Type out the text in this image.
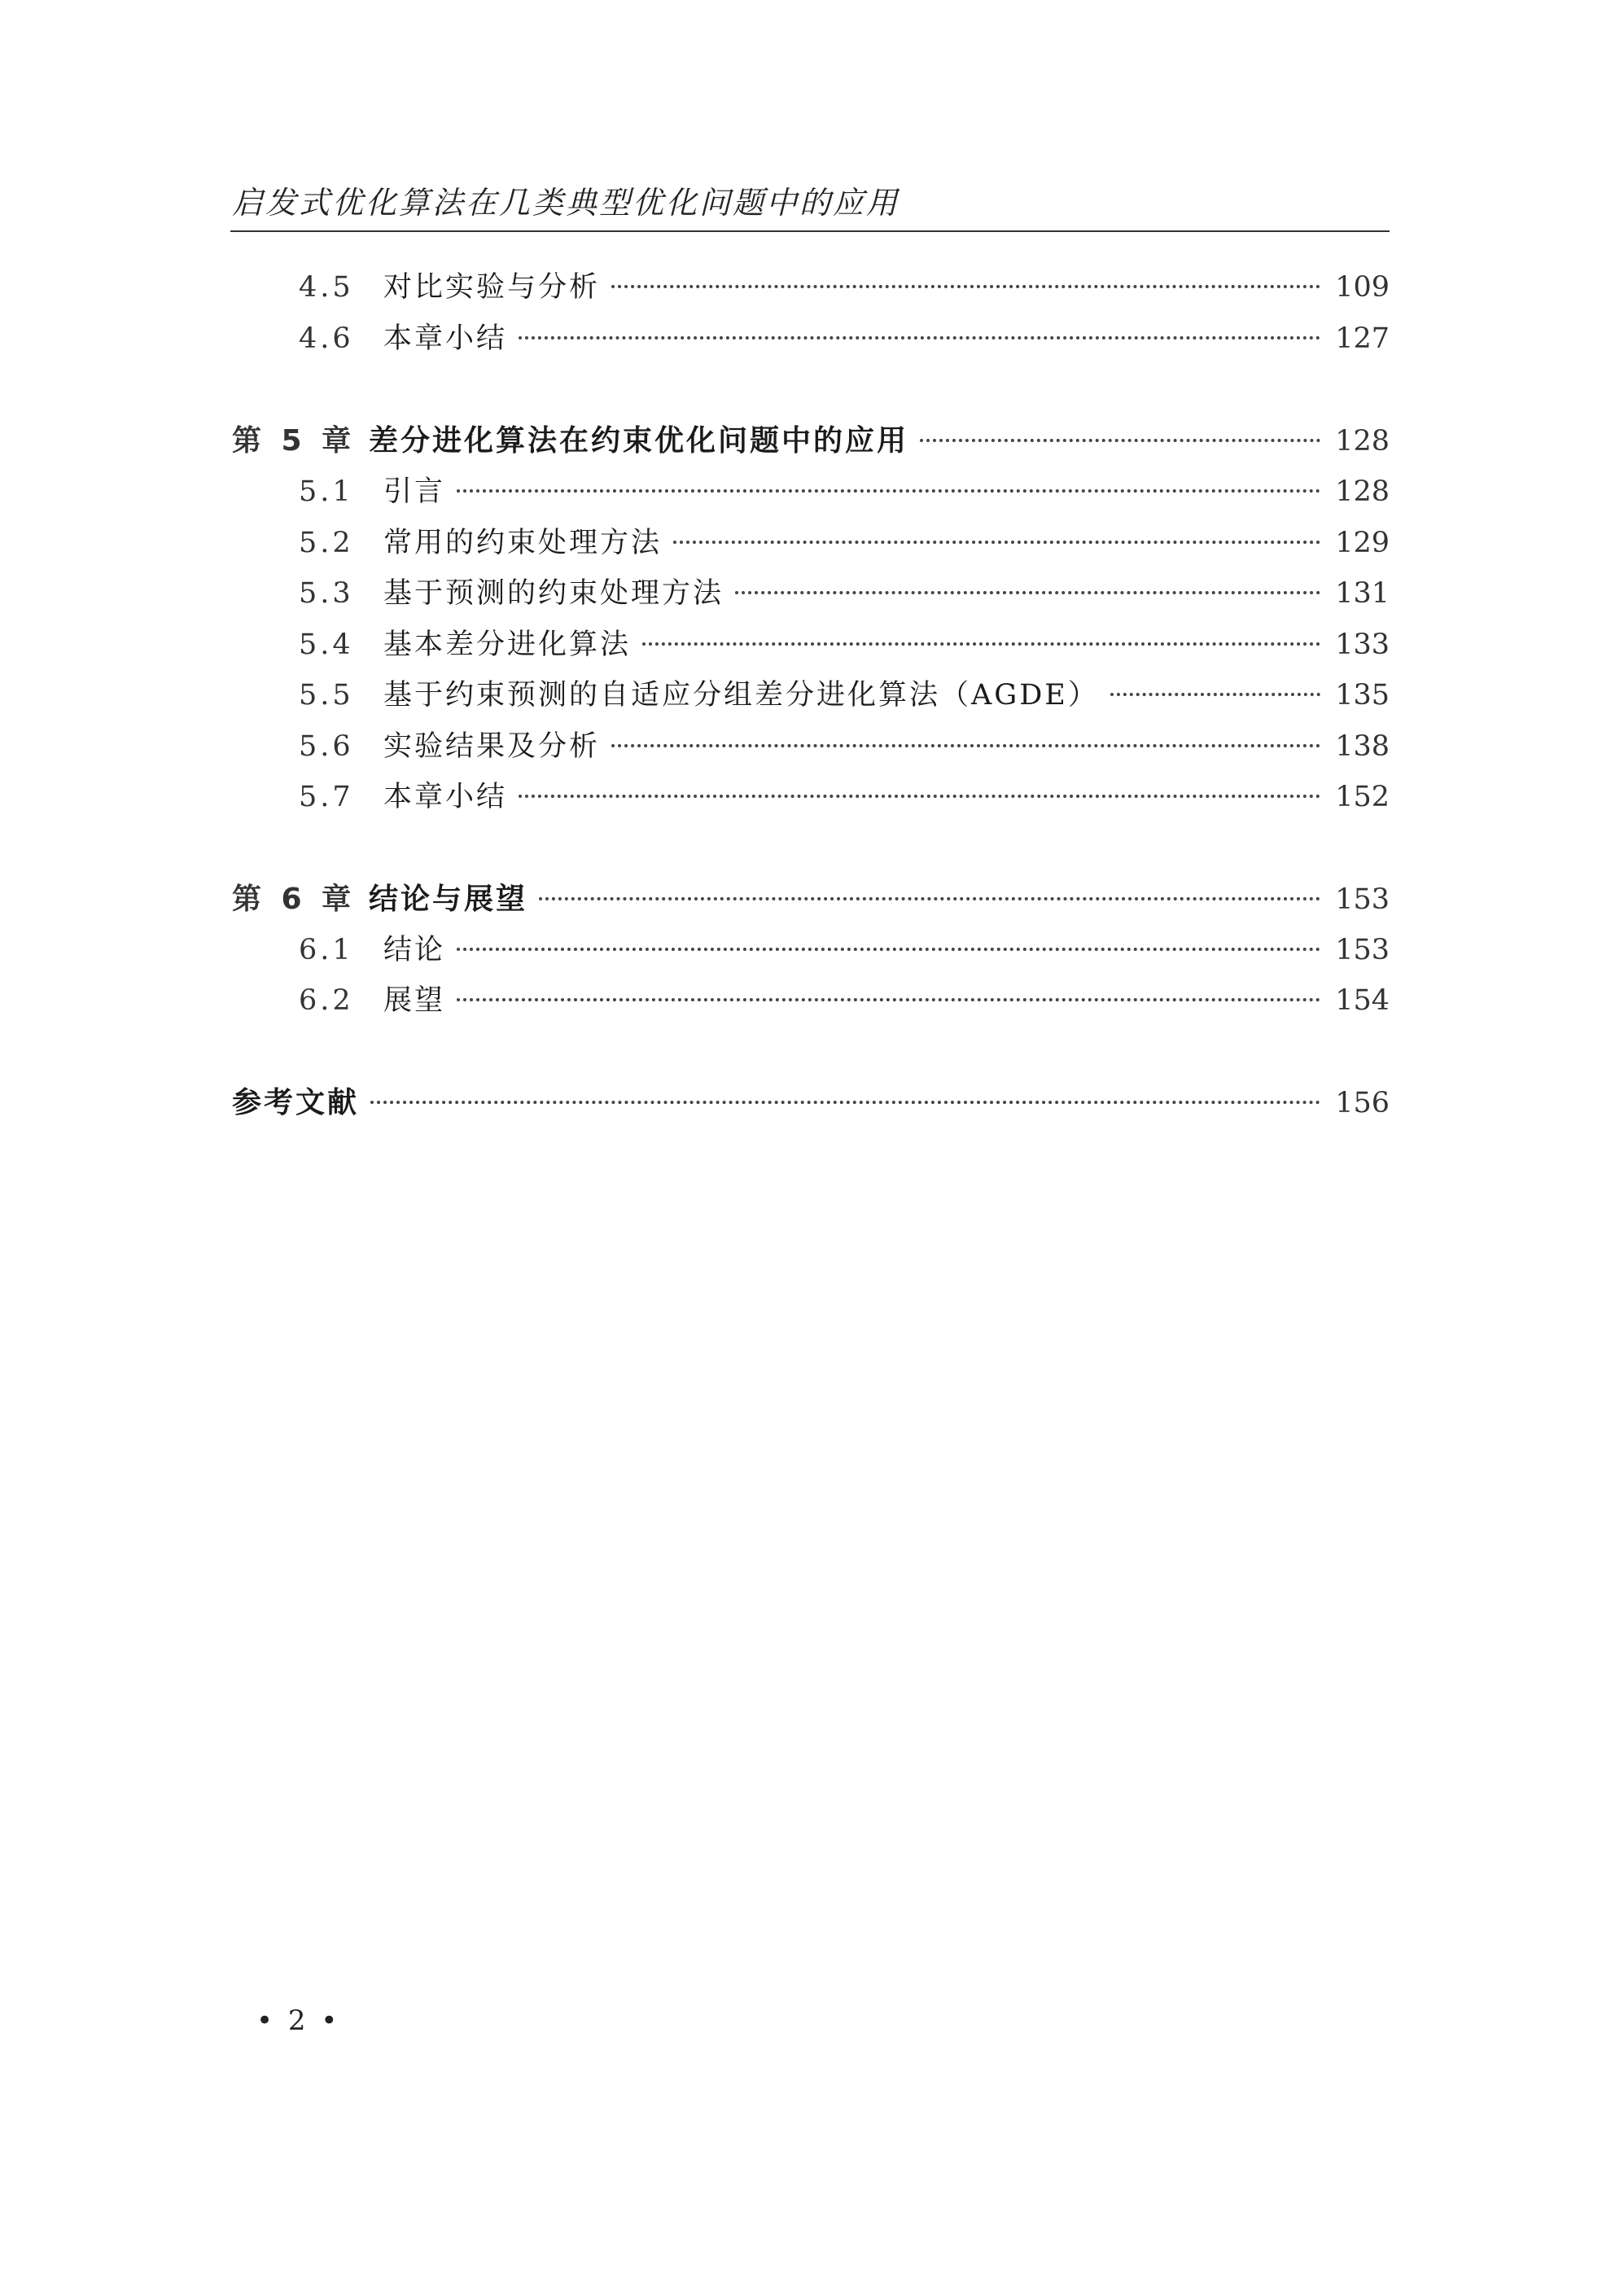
启发式优化算法在几类典型优化问题中的应用
4.5	对比实验与分析	109
4.6	本章小结	127
第 5 章 差分进化算法在约束优化问题中的应用	128
5.1	引言	128
5.2	常用的约束处理方法	129
5.3	基于预测的约束处理方法	131
5.4	基本差分进化算法	133
5.5	基于约束预测的自适应分组差分进化算法（AGDE）	135
5.6	实验结果及分析	138
5.7	本章小结	152
第 6 章 结论与展望	153
6.1	结论	153
6.2	展望	154
参考文献	156
• 2 •
